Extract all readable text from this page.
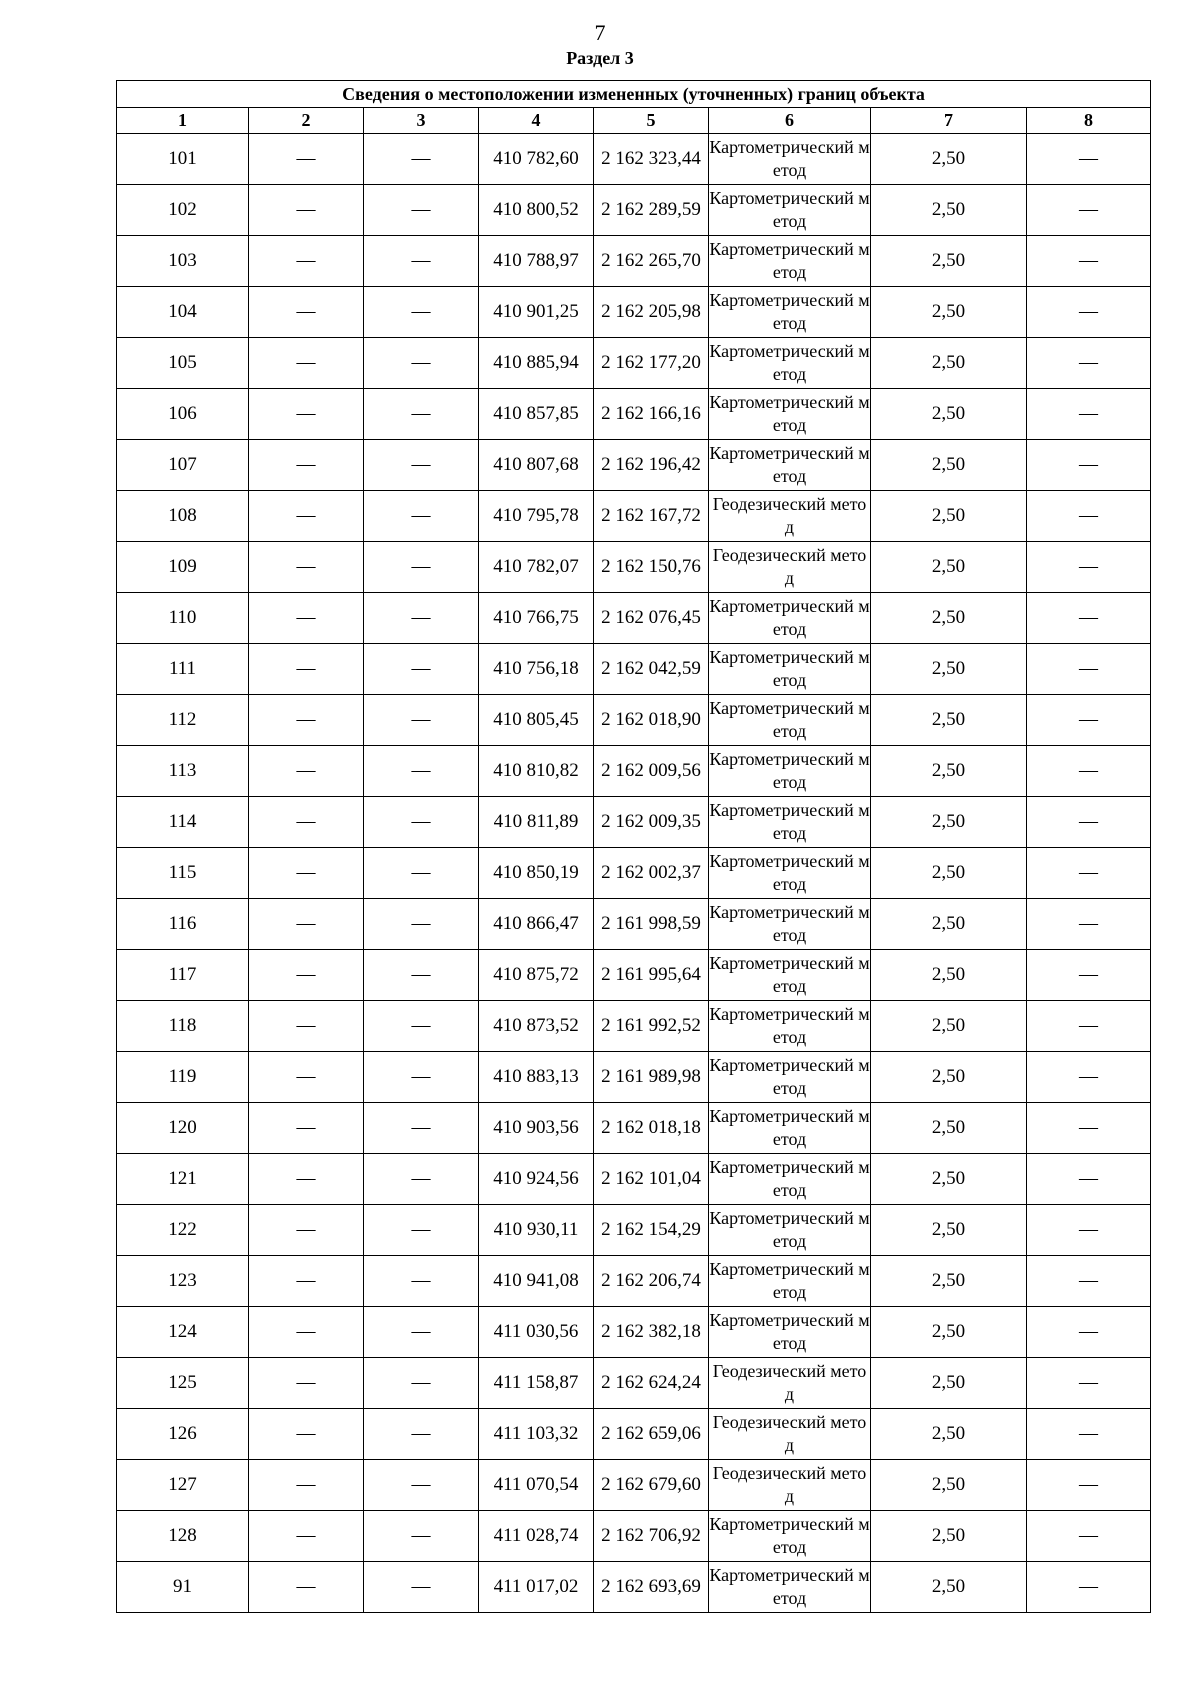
7
Раздел 3
Сведения о местоположении измененных (уточненных) границ объекта							
1	2	3	4	5	6	7	8
101	—	—	410 782,60	2 162 323,44	Картометрический метод	2,50	—
102	—	—	410 800,52	2 162 289,59	Картометрический метод	2,50	—
103	—	—	410 788,97	2 162 265,70	Картометрический метод	2,50	—
104	—	—	410 901,25	2 162 205,98	Картометрический метод	2,50	—
105	—	—	410 885,94	2 162 177,20	Картометрический метод	2,50	—
106	—	—	410 857,85	2 162 166,16	Картометрический метод	2,50	—
107	—	—	410 807,68	2 162 196,42	Картометрический метод	2,50	—
108	—	—	410 795,78	2 162 167,72	Геодезический метод	2,50	—
109	—	—	410 782,07	2 162 150,76	Геодезический метод	2,50	—
110	—	—	410 766,75	2 162 076,45	Картометрический метод	2,50	—
111	—	—	410 756,18	2 162 042,59	Картометрический метод	2,50	—
112	—	—	410 805,45	2 162 018,90	Картометрический метод	2,50	—
113	—	—	410 810,82	2 162 009,56	Картометрический метод	2,50	—
114	—	—	410 811,89	2 162 009,35	Картометрический метод	2,50	—
115	—	—	410 850,19	2 162 002,37	Картометрический метод	2,50	—
116	—	—	410 866,47	2 161 998,59	Картометрический метод	2,50	—
117	—	—	410 875,72	2 161 995,64	Картометрический метод	2,50	—
118	—	—	410 873,52	2 161 992,52	Картометрический метод	2,50	—
119	—	—	410 883,13	2 161 989,98	Картометрический метод	2,50	—
120	—	—	410 903,56	2 162 018,18	Картометрический метод	2,50	—
121	—	—	410 924,56	2 162 101,04	Картометрический метод	2,50	—
122	—	—	410 930,11	2 162 154,29	Картометрический метод	2,50	—
123	—	—	410 941,08	2 162 206,74	Картометрический метод	2,50	—
124	—	—	411 030,56	2 162 382,18	Картометрический метод	2,50	—
125	—	—	411 158,87	2 162 624,24	Геодезический метод	2,50	—
126	—	—	411 103,32	2 162 659,06	Геодезический метод	2,50	—
127	—	—	411 070,54	2 162 679,60	Геодезический метод	2,50	—
128	—	—	411 028,74	2 162 706,92	Картометрический метод	2,50	—
91	—	—	411 017,02	2 162 693,69	Картометрический метод	2,50	—
